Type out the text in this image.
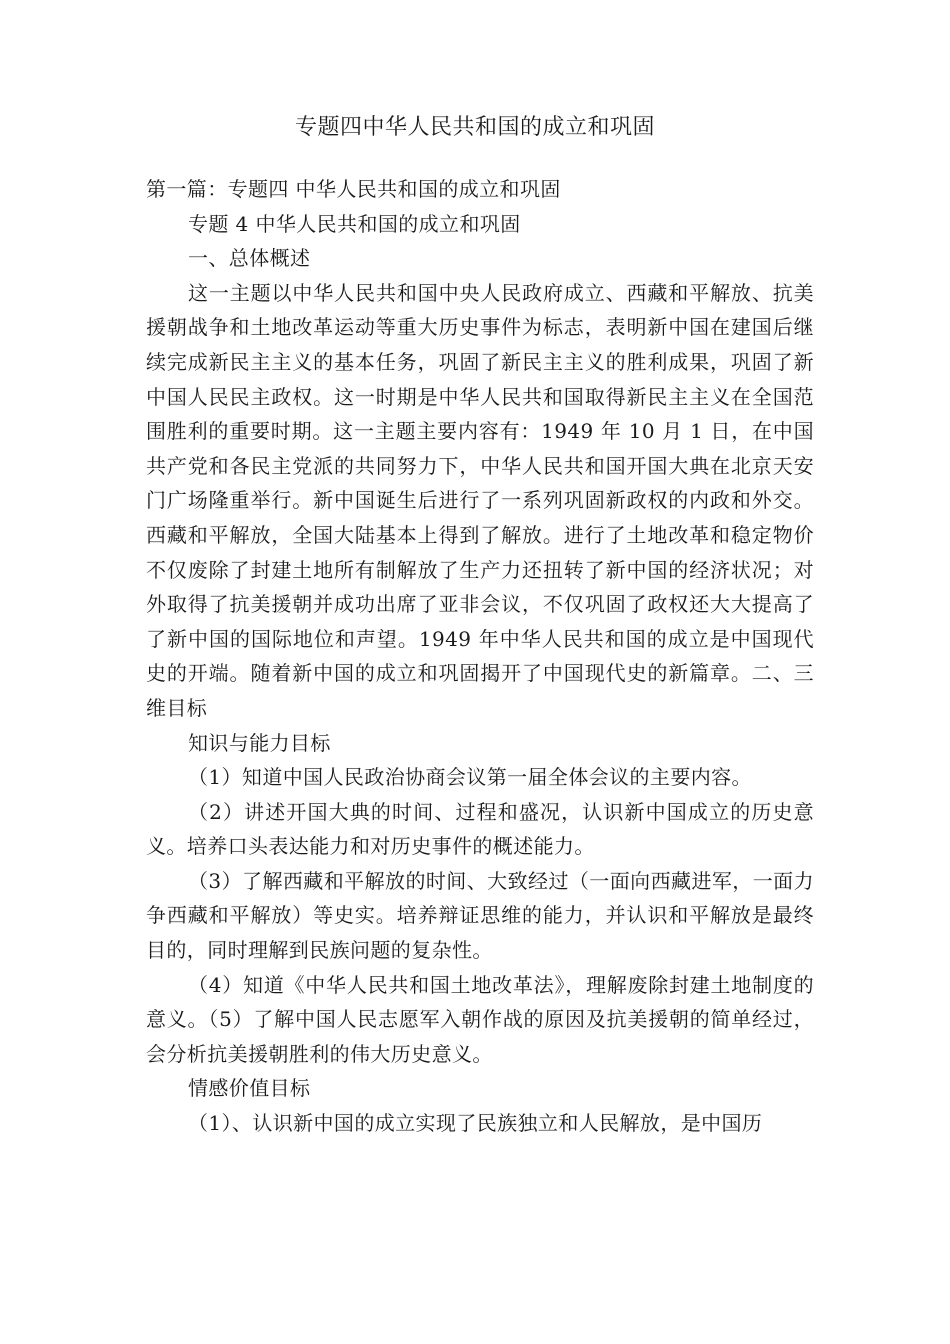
专题四中华人民共和国的成立和巩固

第一篇：专题四 中华人民共和国的成立和巩固

专题 4 中华人民共和国的成立和巩固

一、总体概述

这一主题以中华人民共和国中央人民政府成立、西藏和平解放、抗美援朝战争和土地改革运动等重大历史事件为标志，表明新中国在建国后继续完成新民主主义的基本任务，巩固了新民主主义的胜利成果，巩固了新中国人民民主政权。这一时期是中华人民共和国取得新民主主义在全国范围胜利的重要时期。这一主题主要内容有：1949 年 10 月 1 日，在中国共产党和各民主党派的共同努力下，中华人民共和国开国大典在北京天安门广场隆重举行。新中国诞生后进行了一系列巩固新政权的内政和外交。西藏和平解放，全国大陆基本上得到了解放。进行了土地改革和稳定物价不仅废除了封建土地所有制解放了生产力还扭转了新中国的经济状况；对外取得了抗美援朝并成功出席了亚非会议，不仅巩固了政权还大大提高了了新中国的国际地位和声望。1949 年中华人民共和国的成立是中国现代史的开端。随着新中国的成立和巩固揭开了中国现代史的新篇章。二、三维目标

知识与能力目标

（1）知道中国人民政治协商会议第一届全体会议的主要内容。

（2）讲述开国大典的时间、过程和盛况，认识新中国成立的历史意义。培养口头表达能力和对历史事件的概述能力。

（3）了解西藏和平解放的时间、大致经过（一面向西藏进军，一面力争西藏和平解放）等史实。培养辩证思维的能力，并认识和平解放是最终目的，同时理解到民族问题的复杂性。

（4）知道《中华人民共和国土地改革法》，理解废除封建土地制度的意义。（5）了解中国人民志愿军入朝作战的原因及抗美援朝的简单经过，会分析抗美援朝胜利的伟大历史意义。

情感价值目标

（1）、认识新中国的成立实现了民族独立和人民解放，是中国历
